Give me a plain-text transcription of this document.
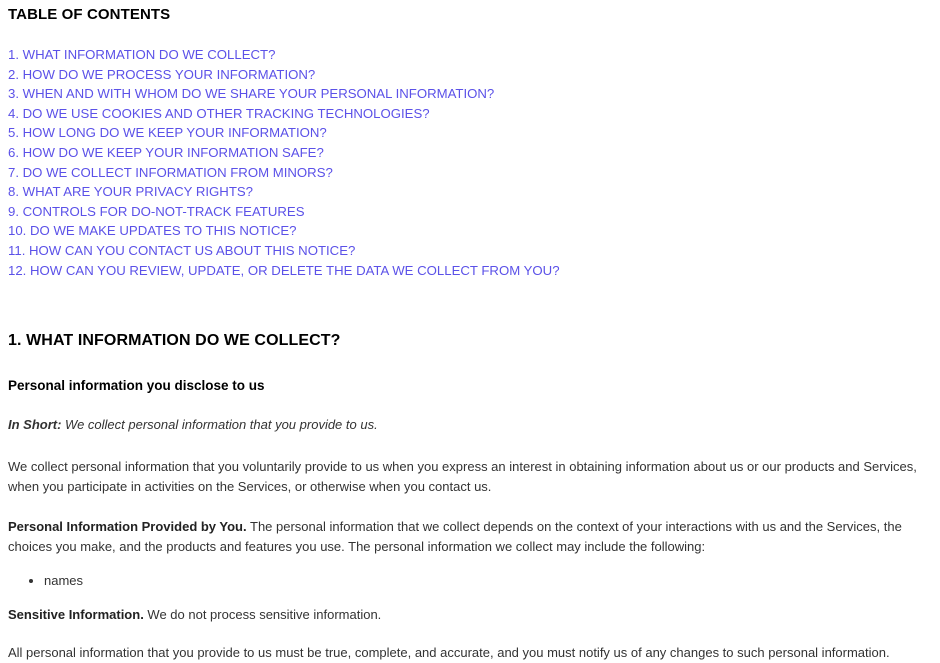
TABLE OF CONTENTS
1. WHAT INFORMATION DO WE COLLECT?
2. HOW DO WE PROCESS YOUR INFORMATION?
3. WHEN AND WITH WHOM DO WE SHARE YOUR PERSONAL INFORMATION?
4. DO WE USE COOKIES AND OTHER TRACKING TECHNOLOGIES?
5. HOW LONG DO WE KEEP YOUR INFORMATION?
6. HOW DO WE KEEP YOUR INFORMATION SAFE?
7. DO WE COLLECT INFORMATION FROM MINORS?
8. WHAT ARE YOUR PRIVACY RIGHTS?
9. CONTROLS FOR DO-NOT-TRACK FEATURES
10. DO WE MAKE UPDATES TO THIS NOTICE?
11. HOW CAN YOU CONTACT US ABOUT THIS NOTICE?
12. HOW CAN YOU REVIEW, UPDATE, OR DELETE THE DATA WE COLLECT FROM YOU?
1. WHAT INFORMATION DO WE COLLECT?
Personal information you disclose to us

In Short: We collect personal information that you provide to us.

We collect personal information that you voluntarily provide to us when you express an interest in obtaining information about us or our products and Services, when you participate in activities on the Services, or otherwise when you contact us.

Personal Information Provided by You. The personal information that we collect depends on the context of your interactions with us and the Services, the choices you make, and the products and features you use. The personal information we collect may include the following:

• names

Sensitive Information. We do not process sensitive information.

All personal information that you provide to us must be true, complete, and accurate, and you must notify us of any changes to such personal information.
